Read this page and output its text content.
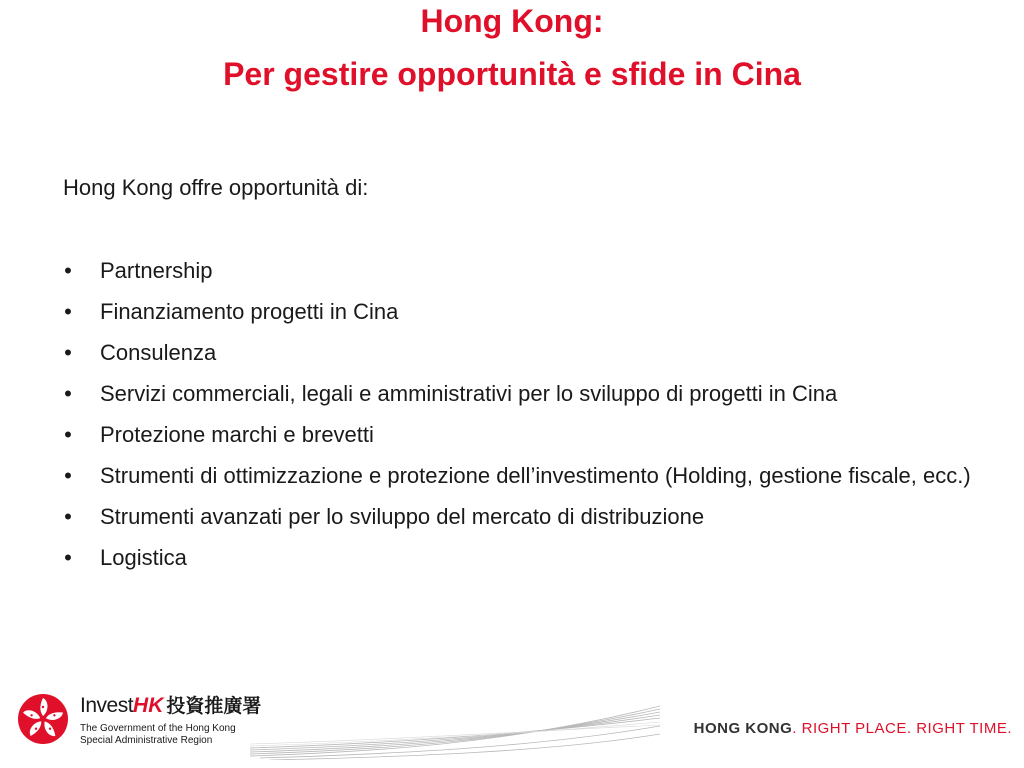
Hong Kong:
Per gestire opportunità e sfide in Cina
Hong Kong offre opportunità di:
• Partnership
• Finanziamento progetti in Cina
• Consulenza
• Servizi commerciali, legali e amministrativi per lo sviluppo di progetti in Cina
• Protezione marchi e brevetti
• Strumenti di ottimizzazione e protezione dell’investimento (Holding, gestione fiscale, ecc.)
• Strumenti avanzati per lo sviluppo del mercato di distribuzione
• Logistica
InvestHK 投資推廣署
The Government of the Hong Kong
Special Administrative Region
HONG KONG. RIGHT PLACE. RIGHT TIME.
